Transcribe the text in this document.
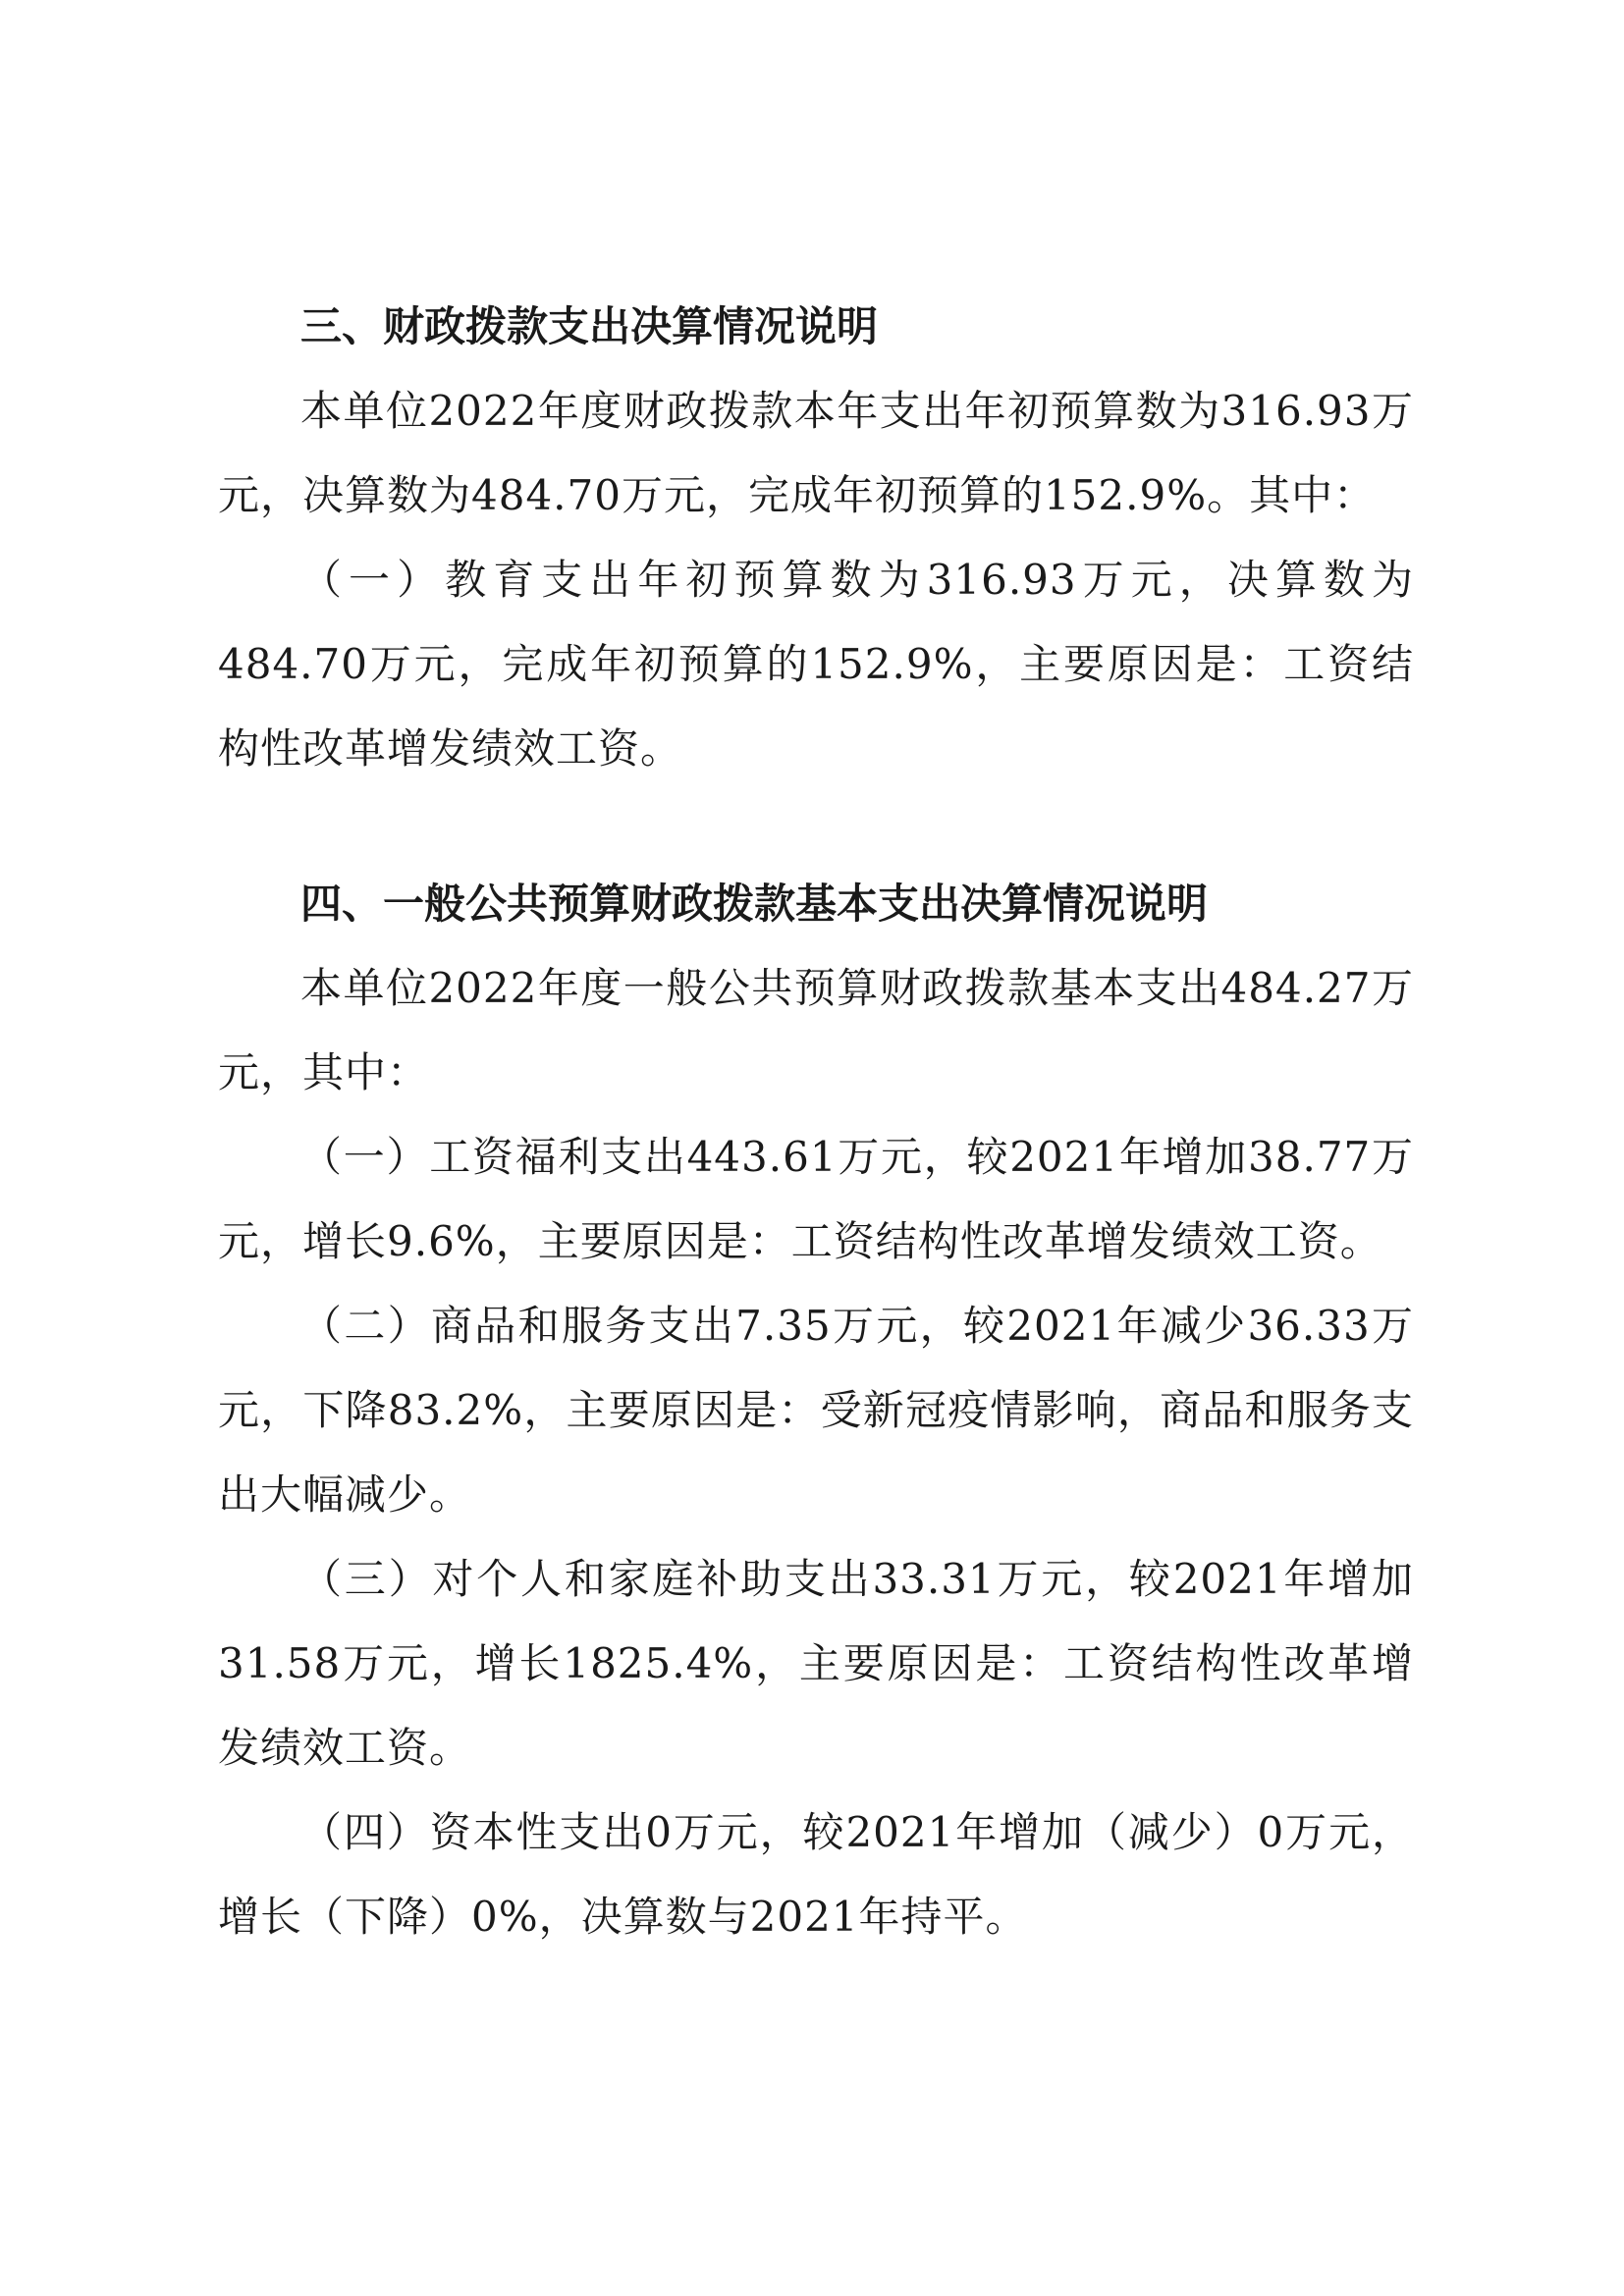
三、财政拨款支出决算情况说明

本单位2022年度财政拨款本年支出年初预算数为316.93万元，决算数为484.70万元，完成年初预算的152.9%。其中：

（一）教育支出年初预算数为316.93万元，决算数为484.70万元，完成年初预算的152.9%，主要原因是：工资结构性改革增发绩效工资。

四、一般公共预算财政拨款基本支出决算情况说明

本单位2022年度一般公共预算财政拨款基本支出484.27万元，其中：

（一）工资福利支出443.61万元，较2021年增加38.77万元，增长9.6%，主要原因是：工资结构性改革增发绩效工资。

（二）商品和服务支出7.35万元，较2021年减少36.33万元，下降83.2%，主要原因是：受新冠疫情影响，商品和服务支出大幅减少。

（三）对个人和家庭补助支出33.31万元，较2021年增加31.58万元，增长1825.4%，主要原因是：工资结构性改革增发绩效工资。

（四）资本性支出0万元，较2021年增加（减少）0万元，增长（下降）0%，决算数与2021年持平。
